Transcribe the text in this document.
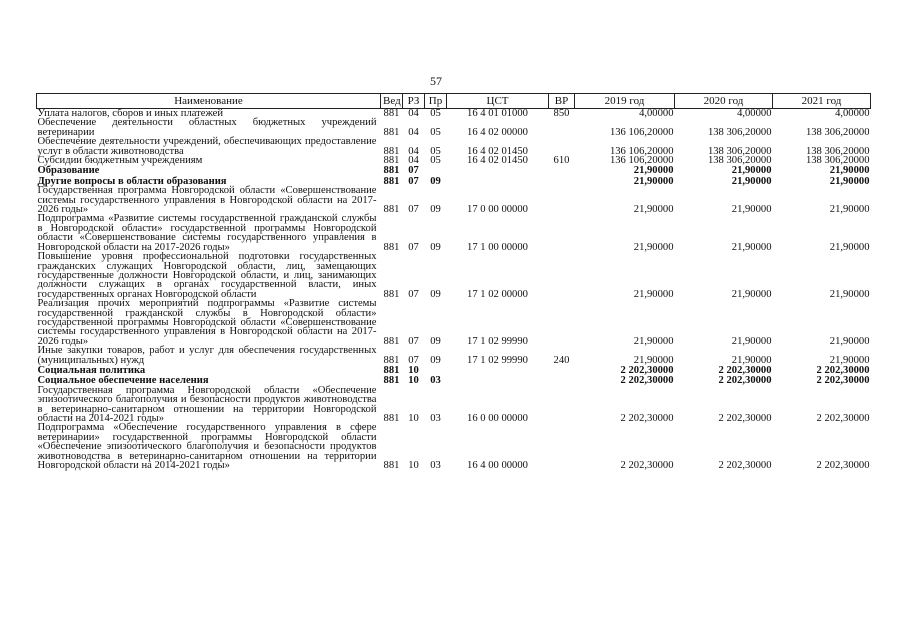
57
Наименование	Вед	РЗ	Пр	ЦСТ	ВР	2019 год	2020 год	2021 год
Уплата налогов, сборов и иных платежей	881	04	05	16 4 01 01000	850	4,00000	4,00000	4,00000
Обеспечение деятельности областных бюджетных учреждений ветеринарии	881	04	05	16 4 02 00000		136 106,20000	138 306,20000	138 306,20000
Обеспечение деятельности учреждений, обеспечивающих предоставление услуг в области животноводства	881	04	05	16 4 02 01450		136 106,20000	138 306,20000	138 306,20000
Субсидии бюджетным учреждениям	881	04	05	16 4 02 01450	610	136 106,20000	138 306,20000	138 306,20000
Образование	881	07				21,90000	21,90000	21,90000
Другие вопросы в области образования	881	07	09			21,90000	21,90000	21,90000
Государственная программа Новгородской области «Совершенствование системы государственного управления в Новгородской области на 2017-2026 годы»	881	07	09	17 0 00 00000		21,90000	21,90000	21,90000
Подпрограмма «Развитие системы государственной гражданской службы в Новгородской области» государственной программы Новгородской области «Совершенствование системы государственного управления в Новгородской области на 2017-2026 годы»	881	07	09	17 1 00 00000		21,90000	21,90000	21,90000
Повышение уровня профессиональной подготовки государственных гражданских служащих Новгородской области, лиц, замещающих государственные должности Новгородской области, и лиц, занимающих должности служащих в органах государственной власти, иных государственных органах Новгородской области	881	07	09	17 1 02 00000		21,90000	21,90000	21,90000
Реализация прочих мероприятий подпрограммы «Развитие системы государственной гражданской службы в Новгородской области» государственной программы Новгородской области «Совершенствование системы государственного управления в Новгородской области на 2017-2026 годы»	881	07	09	17 1 02 99990		21,90000	21,90000	21,90000
Иные закупки товаров, работ и услуг для обеспечения государственных (муниципальных) нужд	881	07	09	17 1 02 99990	240	21,90000	21,90000	21,90000
Социальная политика	881	10				2 202,30000	2 202,30000	2 202,30000
Социальное обеспечение населения	881	10	03			2 202,30000	2 202,30000	2 202,30000
Государственная программа Новгородской области «Обеспечение эпизоотического благополучия и безопасности продуктов животноводства в ветеринарно-санитарном отношении на территории Новгородской области на 2014-2021 годы»	881	10	03	16 0 00 00000		2 202,30000	2 202,30000	2 202,30000
Подпрограмма «Обеспечение государственного управления в сфере ветеринарии» государственной программы Новгородской области «Обеспечение эпизоотического благополучия и безопасности продуктов животноводства в ветеринарно-санитарном отношении на территории Новгородской области на 2014-2021 годы»	881	10	03	16 4 00 00000		2 202,30000	2 202,30000	2 202,30000
